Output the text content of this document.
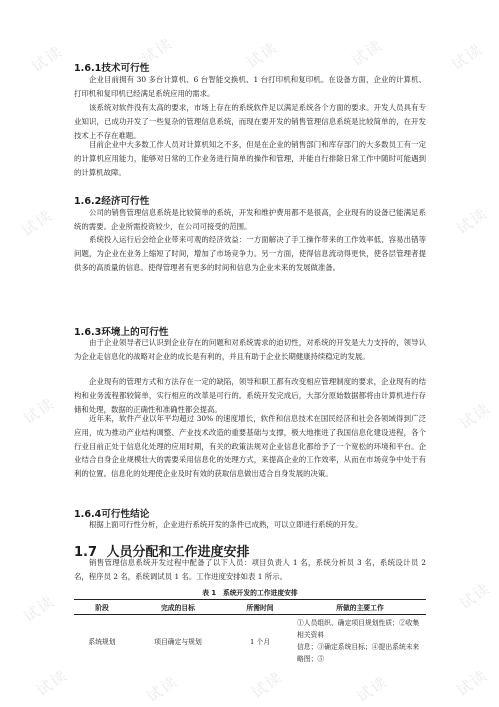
试读	试读	试读	试读	试读
试读	试读
试读	试读
试读	试读
试读	试读	试读	试读	试读
1.6.1 技术可行性

企业目前拥有 30 多台计算机、6 台智能交换机、1 台打印机和复印机。在设备方面，企业的计算机、打印机和复印机已经满足系统应用的需求。

该系统对软件没有太高的要求，市场上存在的系统软件足以满足系统各个方面的要求。开发人员具有专业知识，已成功开发了一些复杂的管理信息系统，而现在要开发的销售管理信息系统是比较简单的，在开发技术上不存在难题。

目前企业中大多数工作人员对计算机知之不多，但是在企业的销售部门和库存部门的大多数员工有一定的计算机应用能力，能够对日常的工作业务进行简单的操作和管理，并能自行排除日常工作中随时可能遇到的计算机故障。

1.6.2 经济可行性

公司的销售管理信息系统是比较简单的系统，开发和维护费用都不是很高，企业现有的设备已能满足系统的需要。企业所需投资较少，在公司可接受的范围。

系统投入运行后会给企业带来可观的经济效益：一方面解决了手工操作带来的工作效率低、容易出错等问题，为企业在业务上缩短了时间，增加了市场竞争力。另一方面，使得信息流动得更快，使各层管理者提供多的高质量的信息。使得管理者有更多的时间和信息为企业未来的发展做准备。

1.6.3 环境上的可行性

由于企业领导者已认识到企业存在的问题和对系统需求的迫切性，对系统的开发是大力支持的，领导认为企业走信息化的战略对企业的成长是有利的，并且有助于企业长期健康持续稳定的发展。

企业现有的管理方式和方法存在一定的缺陷，领导和职工都有改变相应管理制度的要求，企业现有的结构和业务流程都较简单，实行相应的改革是可行的。系统开发完成后，大部分原始数据都将由计算机进行存储和处理，数据的正确性和准确性都会提高。

近年来，软件产业以年平均超过 30% 的速度增长，软件和信息技术在国民经济和社会各领域得到广泛应用，成为推动产业结构调整、产业技术改造的重要基础与支撑，极大地推进了我国信息化建设进程，各个行业目前正处于信息化处理的应用时期，有关的政策法规对企业信息化都给予了一个宽松的环境和平台。企业结合自身企业规模壮大的需要采用信息化的处理方式，来提高企业的工作效率，从而在市场竞争中处于有利的位置。信息化的处理使企业及时有效的获取信息做出适合自身发展的决策。

1.6.4 可行性结论

根据上面可行性分析，企业进行系统开发的条件已成熟，可以立即进行系统的开发。

1.7 人员分配和工作进度安排

销售管理信息系统开发过程中配备了以下人员：项目负责人 1 名，系统分析员 3 名，系统设计员 2 名，程序员 2 名，系统调试员 1 名。工作进度安排如表 1 所示。

表 1　系统开发的工作进度安排
阶段	完成的目标	所需时间	所做的主要工作
系统规划	项目确定与规划	1 个月	①人员组织、确定项目规划性质；②收集相关资料
信息；③确定系统目标；④提出系统未来略图；⑤
